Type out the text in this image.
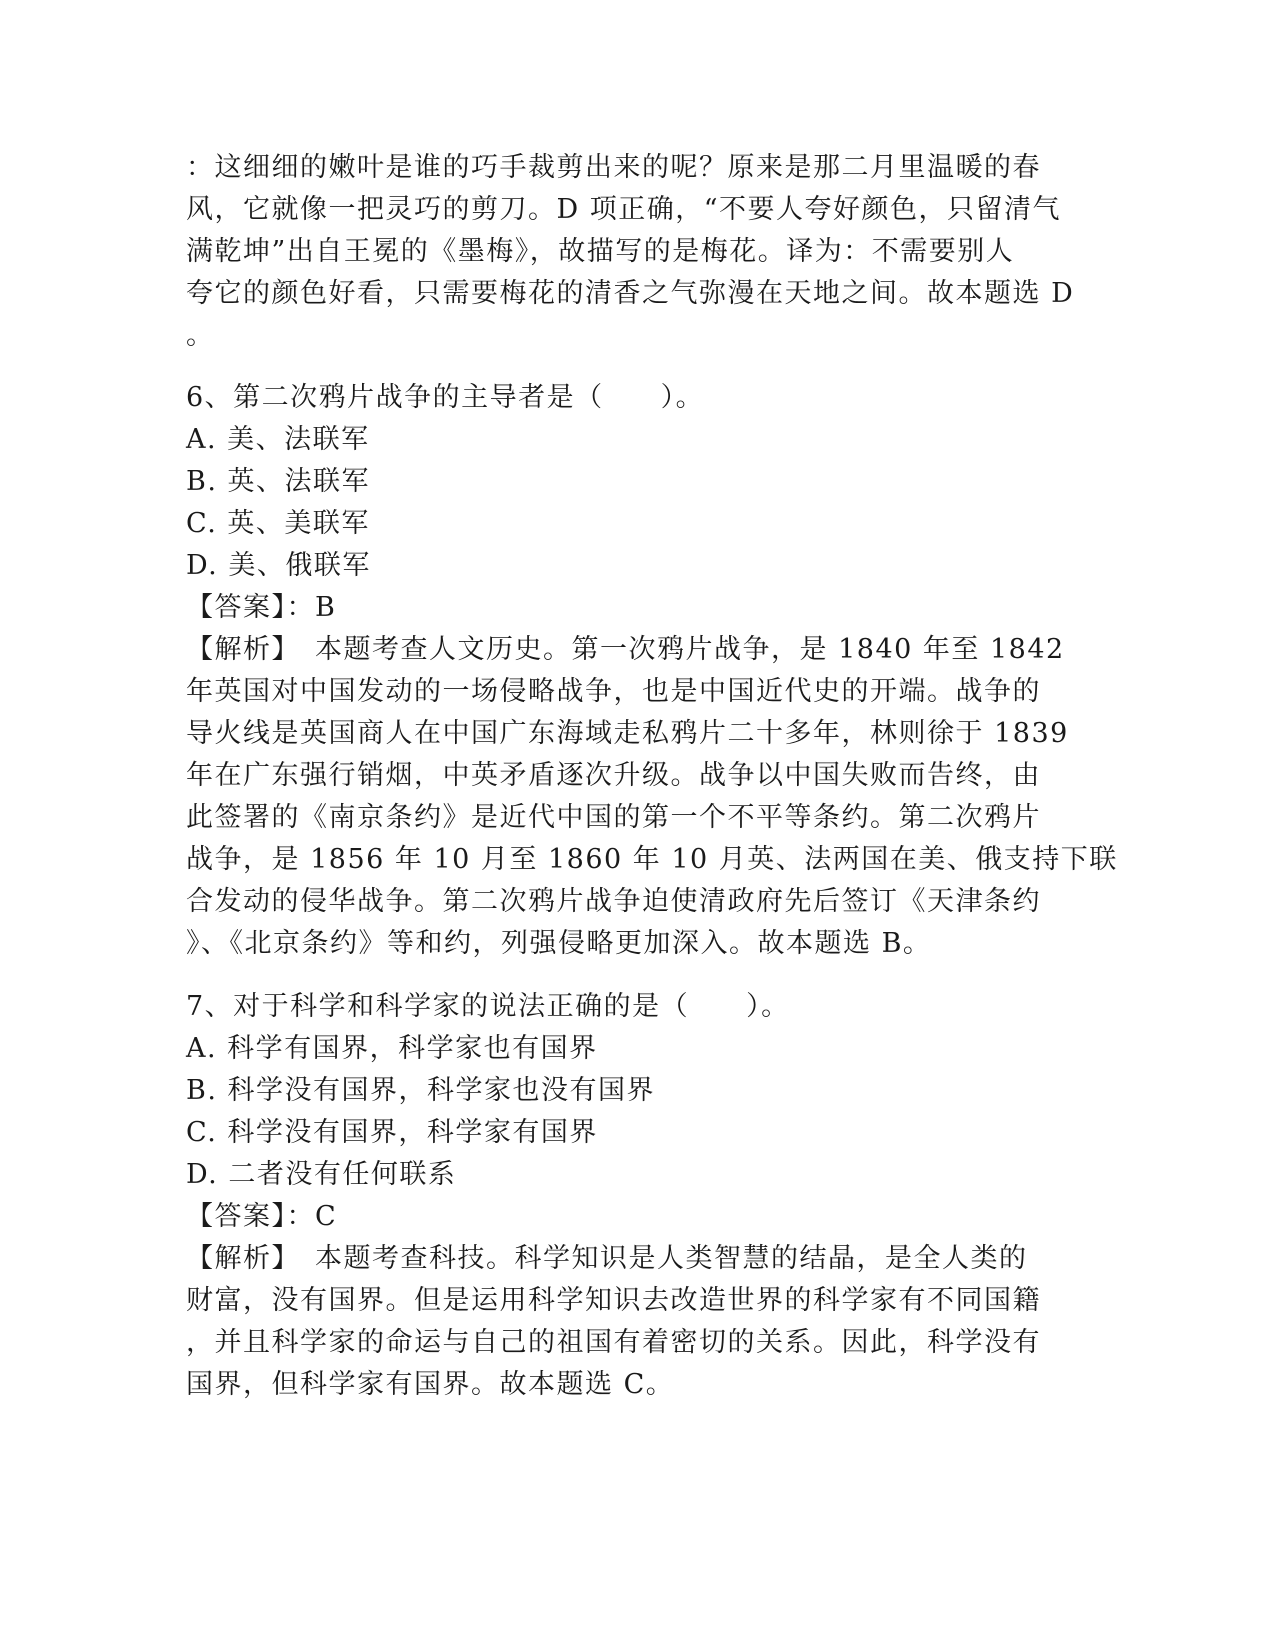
：这细细的嫩叶是谁的巧手裁剪出来的呢？原来是那二月里温暖的春
风，它就像一把灵巧的剪刀。D 项正确，“不要人夸好颜色，只留清气
满乾坤”出自王冕的《墨梅》，故描写的是梅花。译为：不需要别人
夸它的颜色好看，只需要梅花的清香之气弥漫在天地之间。故本题选 D
。
6、第二次鸦片战争的主导者是（　　）。
A. 美、法联军
B. 英、法联军
C. 英、美联军
D. 美、俄联军
【答案】：B
【解析】　本题考查人文历史。第一次鸦片战争，是 1840 年至 1842
年英国对中国发动的一场侵略战争，也是中国近代史的开端。战争的
导火线是英国商人在中国广东海域走私鸦片二十多年，林则徐于 1839
年在广东强行销烟，中英矛盾逐次升级。战争以中国失败而告终，由
此签署的《南京条约》是近代中国的第一个不平等条约。第二次鸦片
战争，是 1856 年 10 月至 1860 年 10 月英、法两国在美、俄支持下联
合发动的侵华战争。第二次鸦片战争迫使清政府先后签订《天津条约
》、《北京条约》等和约，列强侵略更加深入。故本题选 B。
7、对于科学和科学家的说法正确的是（　　）。
A. 科学有国界，科学家也有国界
B. 科学没有国界，科学家也没有国界
C. 科学没有国界，科学家有国界
D. 二者没有任何联系
【答案】：C
【解析】　本题考查科技。科学知识是人类智慧的结晶，是全人类的
财富，没有国界。但是运用科学知识去改造世界的科学家有不同国籍
，并且科学家的命运与自己的祖国有着密切的关系。因此，科学没有
国界，但科学家有国界。故本题选 C。
